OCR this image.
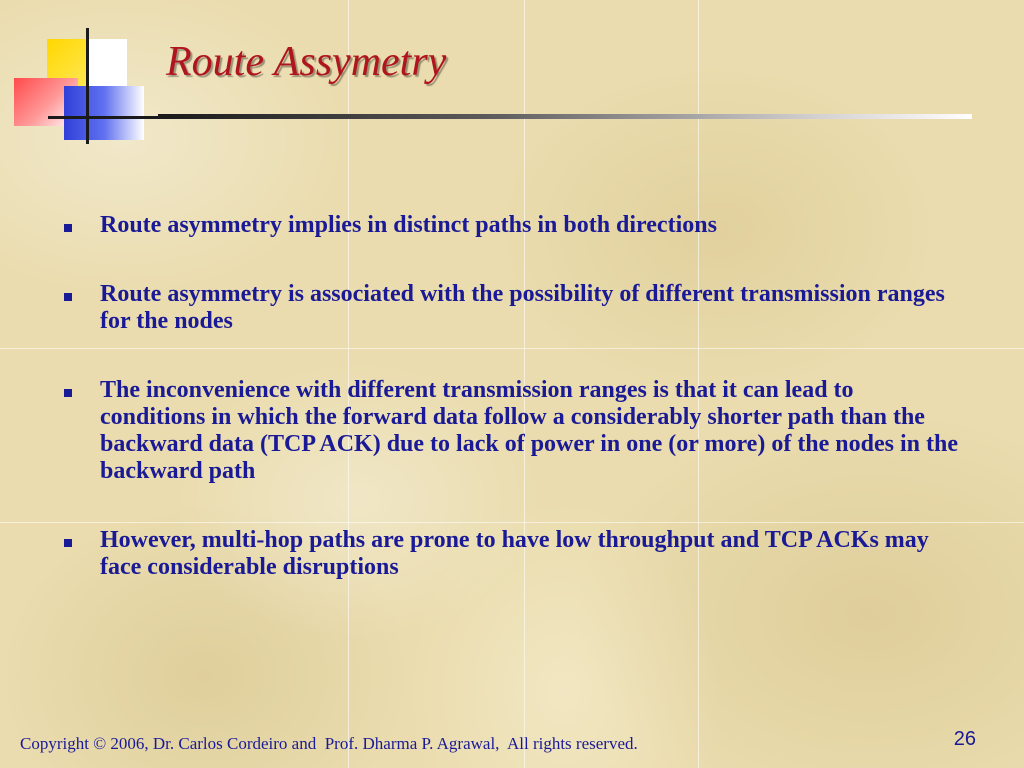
Route Assymetry
Route asymmetry implies in distinct paths in both directions
Route asymmetry is associated with the possibility of different transmission ranges for the nodes
The inconvenience with different transmission ranges is that it can lead to conditions in which the forward data follow a considerably shorter path than the backward data (TCP ACK) due to lack of power in one (or more) of the nodes in the backward path
However, multi-hop paths are prone to have low throughput and TCP ACKs may face considerable disruptions
Copyright © 2006, Dr. Carlos Cordeiro and  Prof. Dharma P. Agrawal,  All rights reserved.	26
